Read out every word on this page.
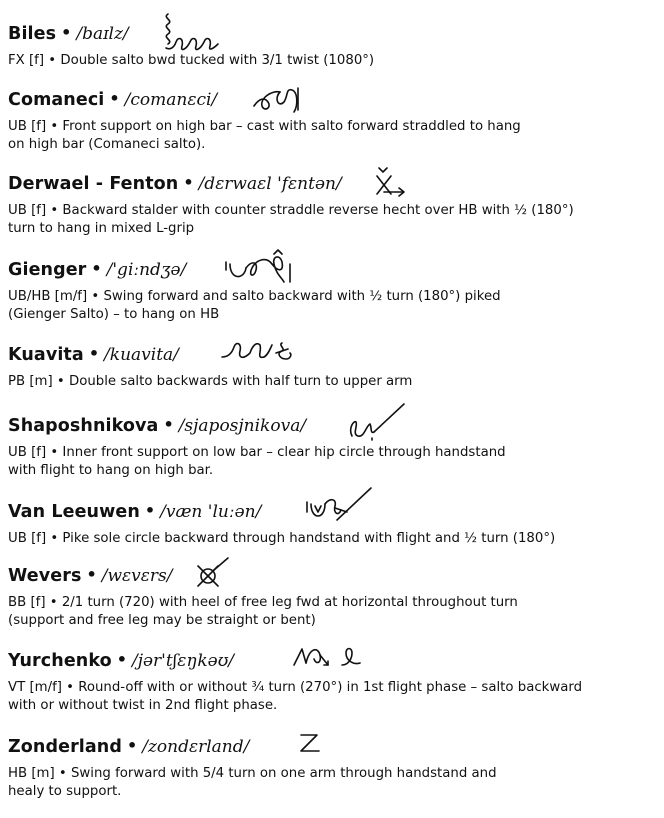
Biles • /baɪlz/
FX [f] • Double salto bwd tucked with 3/1 twist (1080°)
Comaneci • /comanɛci/
UB [f] • Front support on high bar – cast with salto forward straddled to hang
on high bar (Comaneci salto).
Derwael - Fenton • /dɛrwaɛl 'fɛntən/
UB [f] • Backward stalder with counter straddle reverse hecht over HB with ½ (180°)
turn to hang in mixed L-grip
Gienger • /'giːndʒə/
UB/HB [m/f] • Swing forward and salto backward with ½ turn (180°) piked
(Gienger Salto) – to hang on HB
Kuavita • /kuavita/
PB [m] • Double salto backwards with half turn to upper arm
Shaposhnikova • /sjaposjnikova/
UB [f] • Inner front support on low bar – clear hip circle through handstand
with flight to hang on high bar.
Van Leeuwen • /væn 'luːən/
UB [f] • Pike sole circle backward through handstand with flight and ½ turn (180°)
Wevers • /wɛvɛrs/
BB [f] • 2/1 turn (720) with heel of free leg fwd at horizontal throughout turn
(support and free leg may be straight or bent)
Yurchenko • /jər'tʃɛŋkəʊ/
VT [m/f] • Round-off with or without ¾ turn (270°) in 1st flight phase – salto backward
with or without twist in 2nd flight phase.
Zonderland • /zondɛrland/
HB [m] • Swing forward with 5/4 turn on one arm through handstand and
healy to support.
